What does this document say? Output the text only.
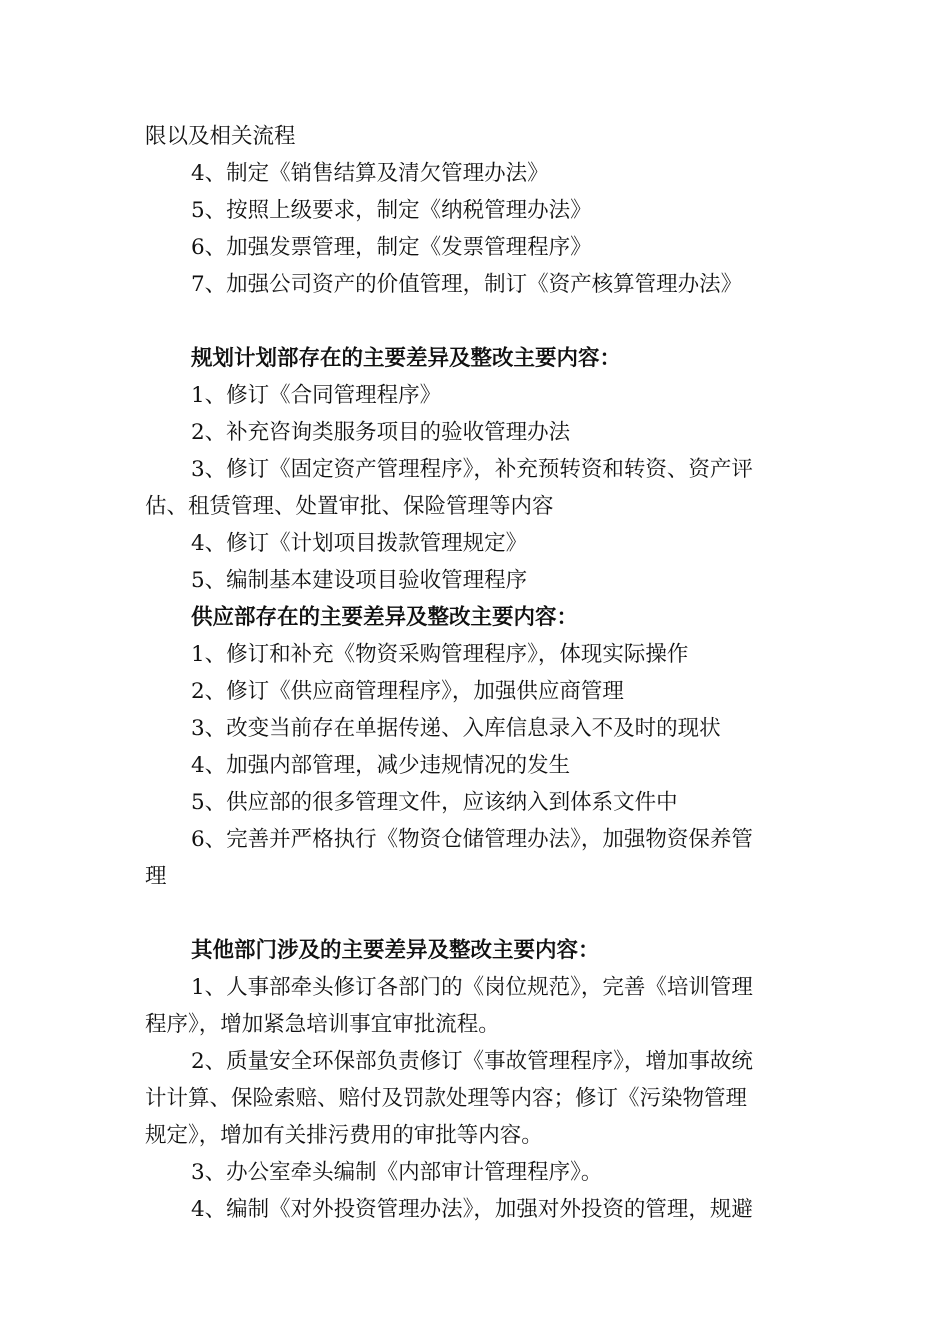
限以及相关流程
4、制定《销售结算及清欠管理办法》
5、按照上级要求，制定《纳税管理办法》
6、加强发票管理，制定《发票管理程序》
7、加强公司资产的价值管理，制订《资产核算管理办法》
规划计划部存在的主要差异及整改主要内容：
1、修订《合同管理程序》
2、补充咨询类服务项目的验收管理办法
3、修订《固定资产管理程序》，补充预转资和转资、资产评
估、租赁管理、处置审批、保险管理等内容
4、修订《计划项目拨款管理规定》
5、编制基本建设项目验收管理程序
供应部存在的主要差异及整改主要内容：
1、修订和补充《物资采购管理程序》，体现实际操作
2、修订《供应商管理程序》，加强供应商管理
3、改变当前存在单据传递、入库信息录入不及时的现状
4、加强内部管理，减少违规情况的发生
5、供应部的很多管理文件，应该纳入到体系文件中
6、完善并严格执行《物资仓储管理办法》，加强物资保养管
理
其他部门涉及的主要差异及整改主要内容：
1、人事部牵头修订各部门的《岗位规范》，完善《培训管理
程序》，增加紧急培训事宜审批流程。
2、质量安全环保部负责修订《事故管理程序》，增加事故统
计计算、保险索赔、赔付及罚款处理等内容；修订《污染物管理
规定》，增加有关排污费用的审批等内容。
3、办公室牵头编制《内部审计管理程序》。
4、编制《对外投资管理办法》，加强对外投资的管理，规避
